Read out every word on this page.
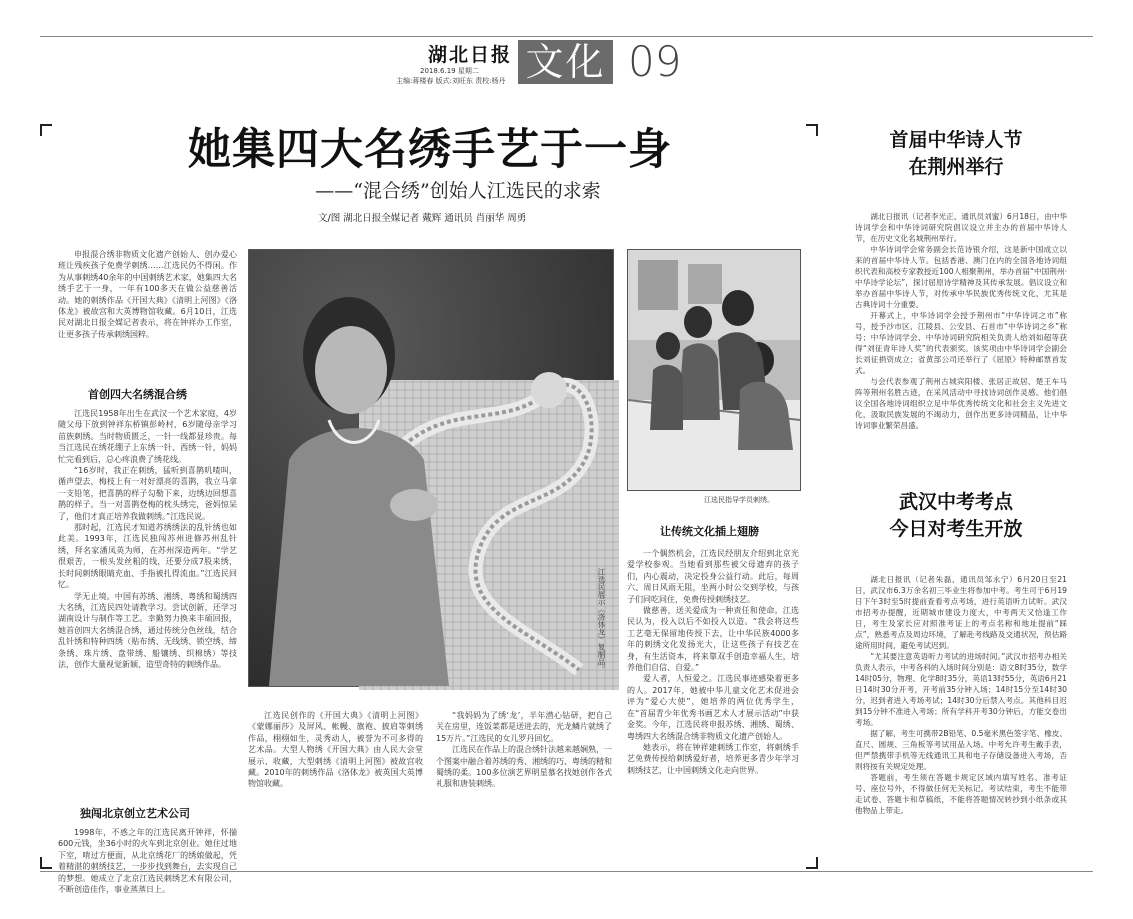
湖北日报
2018.6.19 星期二
主编:蒋楼春 版式:刘旺东 责校:杨丹 文化 09
她集四大名绣手艺于一身
——“混合绣”创始人江选民的求索
文/图 湖北日报全媒记者 戴辉 通讯员 肖丽华 周勇

申报混合绣非物质文化遗产创始人、创办爱心班让残疾孩子免费学刺绣……江选民仍不得闲。作为从事刺绣40余年的中国刺绣艺术家，她集四大名绣手艺于一身，一年有100多天在做公益慈善活动。她的刺绣作品《开国大典》《清明上河图》《洛体龙》被故宫和大英博物馆收藏。6月10日，江选民对湖北日报全媒记者表示，将在钟祥办工作室，让更多孩子传承刺绣国粹。

首创四大名绣混合绣

江选民1958年出生在武汉一个艺术家庭，4岁随父母下放到钟祥东桥镇彭岭村，6岁随母亲学习苗族刺绣。当时物质匮乏，一针一线都显珍贵。每当江选民在绣花绷子上东绣一针、西绣一针，妈妈忙完看到后，总心疼浪费了绣花线。

“16岁时，我正在刺绣，猛听到喜鹊叽喳叫，循声望去，梅枝上有一对好漂亮的喜鹊，我立马拿一支铅笔，把喜鹊的样子勾勒下来，边绣边回想喜鹊的样子。当一对喜鹊登梅的枕头绣完，爸妈惊呆了，他们才真正培养我做刺绣。”江选民说。

那时起，江选民才知道苏绣绣法的乱针绣也如此美。1993年，江选民独闯苏州进修苏州乱针绣，拜名家潘凤英为师，在苏州深造两年。“学艺很艰苦，一根头发丝粗的线，还要分成7股来绣，长时间刺绣眼睛充血、手指被扎得流血。”江选民回忆。

学无止境。中国有苏绣、湘绣、粤绣和蜀绣四大名绣，江选民四处请教学习。尝试创新，还学习湖南设计与制作等工艺。幸勤努力换来丰硕回报，她首创四大名绣混合绣，通过传统分色丝线，结合乱针绣和特种四绣（贴布绣、无线绣、锁空绣、缔条绣、珠片绣、盘带绣、船镶绣、织棉绣）等技法，创作大量视觉新颖、造型奇特的刺绣作品。

独闯北京创立艺术公司

1998年，不惑之年的江选民离开钟祥，怀揣600元钱，坐36小时的火车到北京创业。她住过地下室，啃过方便面，从北京绣花厂的绣娘做起，凭着精湛的刺绣技艺，一步步找到舞台，去实现自己的梦想。她成立了北京江选民刺绣艺术有限公司，不断创造佳作，事业蒸蒸日上。

江选民展示《洛体龙》复制品。

江选民创作的《开国大典》《清明上河图》《蒙娜丽莎》及屏风、帐幔、旗袍、披肩等刺绣作品，栩栩如生，灵秀动人，被誉为不可多得的艺术品。大型人物绣《开国大典》由人民大会堂展示、收藏，大型刺绣《清明上河图》被故宫收藏。2010年的刺绣作品《洛体龙》被英国大英博物馆收藏。

“我妈妈为了绣‘龙’，半年潜心钻研，把自己关在房里，连饭菜都是送进去的，光龙鳞片就绣了15万片。”江选民的女儿罗丹回忆。

江选民在作品上的混合绣针法越来越娴熟，一个图案中融合着苏绣的秀、湘绣的巧、粤绣的精和蜀绣的柔。100多位演艺界明星慕名找她创作各式礼服和唐装刺绣。

江选民指导学员刺绣。
让传统文化插上翅膀

一个偶然机会，江选民经朋友介绍到北京光爱学校参观。当她看到那些被父母遗弃的孩子们，内心震动，决定投身公益行动。此后，每周六、周日风雨无阻，坐两小时公交到学校，与孩子们同吃同住，免费传授刺绣技艺。

做慈善，送关爱成为一种责任和使命。江选民认为，投入以后不如投入以造。“我会将这些工艺毫无保留地传授下去，让中华民族4000多年的刺绣文化发扬光大，让这些孩子有技艺在身，有生活资本，将来靠双手创造幸福人生，培养他们自信、自爱。”

爱人者，人恒爱之。江选民事迹感染着更多的人。2017年，她被中华儿童文化艺术促进会评为“爱心大使”，她培养的两位优秀学生，在“首届青少年优秀书画艺术人才展示活动”中获金奖。今年，江选民将申报苏绣、湘绣、蜀绣、粤绣四大名绣混合绣非物质文化遗产创始人。

她表示，将在钟祥建刺绣工作室，将刺绣手艺免费传授给刺绣爱好者，培养更多青少年学习刺绣技艺，让中国刺绣文化走向世界。

首届中华诗人节
在荆州举行

湖北日报讯（记者李光正、通讯员刘蜜）6月18日，由中华诗词学会和中华诗词研究院倡议设立并主办的首届中华诗人节，在历史文化名城荆州举行。

中华诗词学会常务副会长范诗银介绍，这是新中国成立以来的首届中华诗人节。包括香港、澳门在内的全国各地诗词组织代表和高校专家教授近100人相聚荆州，举办首届“中国荆州·中华诗学论坛”，探讨屈原诗学精神及其传承发展。倡议设立和举办首届中华诗人节，对传承中华民族优秀传统文化，尤其是古典诗词十分重要。

开幕式上，中华诗词学会授予荆州市“中华诗词之市”称号，授予沙市区、江陵县、公安县、石首市“中华诗词之乡”称号；中华诗词学会、中华诗词研究院相关负责人给刘如超等获得“刘征青年诗人奖”的代表颁奖。该奖项由中华诗词学会副会长刘征捐资成立；省黄部公司还举行了《屈原》特种邮票首发式。

与会代表参观了荆州古城宾阳楼、张居正故居、楚王车马阵等荆州名胜古迹，在采风活动中寻找诗词创作灵感。他们倡议全国各地诗词组织立足中华优秀传统文化和社会主义先进文化，汲取民族发展的不竭动力，创作出更多诗词精品，让中华诗词事业繁荣昌盛。

武汉中考考点
今日对考生开放

湖北日报讯（记者朱磊、通讯员邹永宁）6月20日至21日，武汉市6.3万余名初三毕业生将参加中考。考生可于6月19日下午3时至5时提前查看考点考场，进行英语听力试听。武汉市招考办提醒，近期城市建设力度大，中考两天又恰逢工作日，考生及家长应对照准考证上的考点名称和地址提前“踩点”，熟悉考点及周边环境，了解赴考线路及交通状况，预估路途所用时间，避免考试迟到。

“尤其要注意英语听力考试的进场时间。”武汉市招考办相关负责人表示，中考各科的入场时间分别是：语文8时35分，数学14时05分，物理、化学8时35分，英语13时55分，英语6月21日14时30分开考，开考前35分钟入场；14时15分至14时30分，迟到者进入考场考试；14时30分后禁入考点。其他科目迟到15分钟不准进入考场；所有学科开考30分钟后，方能交卷出考场。

据了解，考生可携带2B铅笔、0.5毫米黑色签字笔、橡皮、直尺、圆规、三角板等考试用品入场。中考允许考生戴手表，但严禁携带手机等无线通讯工具和电子存储设备进入考场，否则将按有关规定处理。

答题前，考生须在答题卡规定区域内填写姓名、准考证号、座位号外，不得做任何无关标记。考试结束，考生不能带走试卷、答题卡和草稿纸，不能将答题情况转抄到小纸条或其他物品上带走。
